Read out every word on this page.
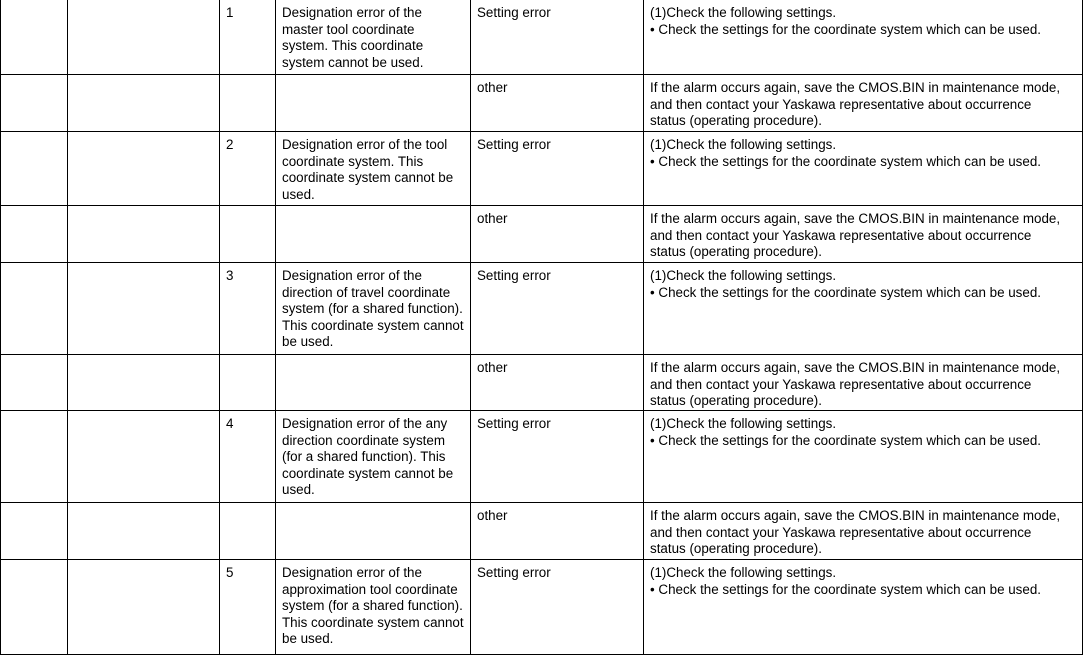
		1	Designation error of the master tool coordinate system. This coordinate system cannot be used.	Setting error	(1)Check the following settings.
• Check the settings for the coordinate system which can be used.

				other	If the alarm occurs again, save the CMOS.BIN in maintenance mode,
and then contact your Yaskawa representative about occurrence
status (operating procedure).

		2	Designation error of the tool coordinate system. This coordinate system cannot be used.	Setting error	(1)Check the following settings.
• Check the settings for the coordinate system which can be used.

				other	If the alarm occurs again, save the CMOS.BIN in maintenance mode,
and then contact your Yaskawa representative about occurrence
status (operating procedure).

		3	Designation error of the direction of travel coordinate system (for a shared function). This coordinate system cannot be used.	Setting error	(1)Check the following settings.
• Check the settings for the coordinate system which can be used.

				other	If the alarm occurs again, save the CMOS.BIN in maintenance mode,
and then contact your Yaskawa representative about occurrence
status (operating procedure).

		4	Designation error of the any direction coordinate system (for a shared function). This coordinate system cannot be used.	Setting error	(1)Check the following settings.
• Check the settings for the coordinate system which can be used.

				other	If the alarm occurs again, save the CMOS.BIN in maintenance mode,
and then contact your Yaskawa representative about occurrence
status (operating procedure).

		5	Designation error of the approximation tool coordinate system (for a shared function). This coordinate system cannot be used.	Setting error	(1)Check the following settings.
• Check the settings for the coordinate system which can be used.
